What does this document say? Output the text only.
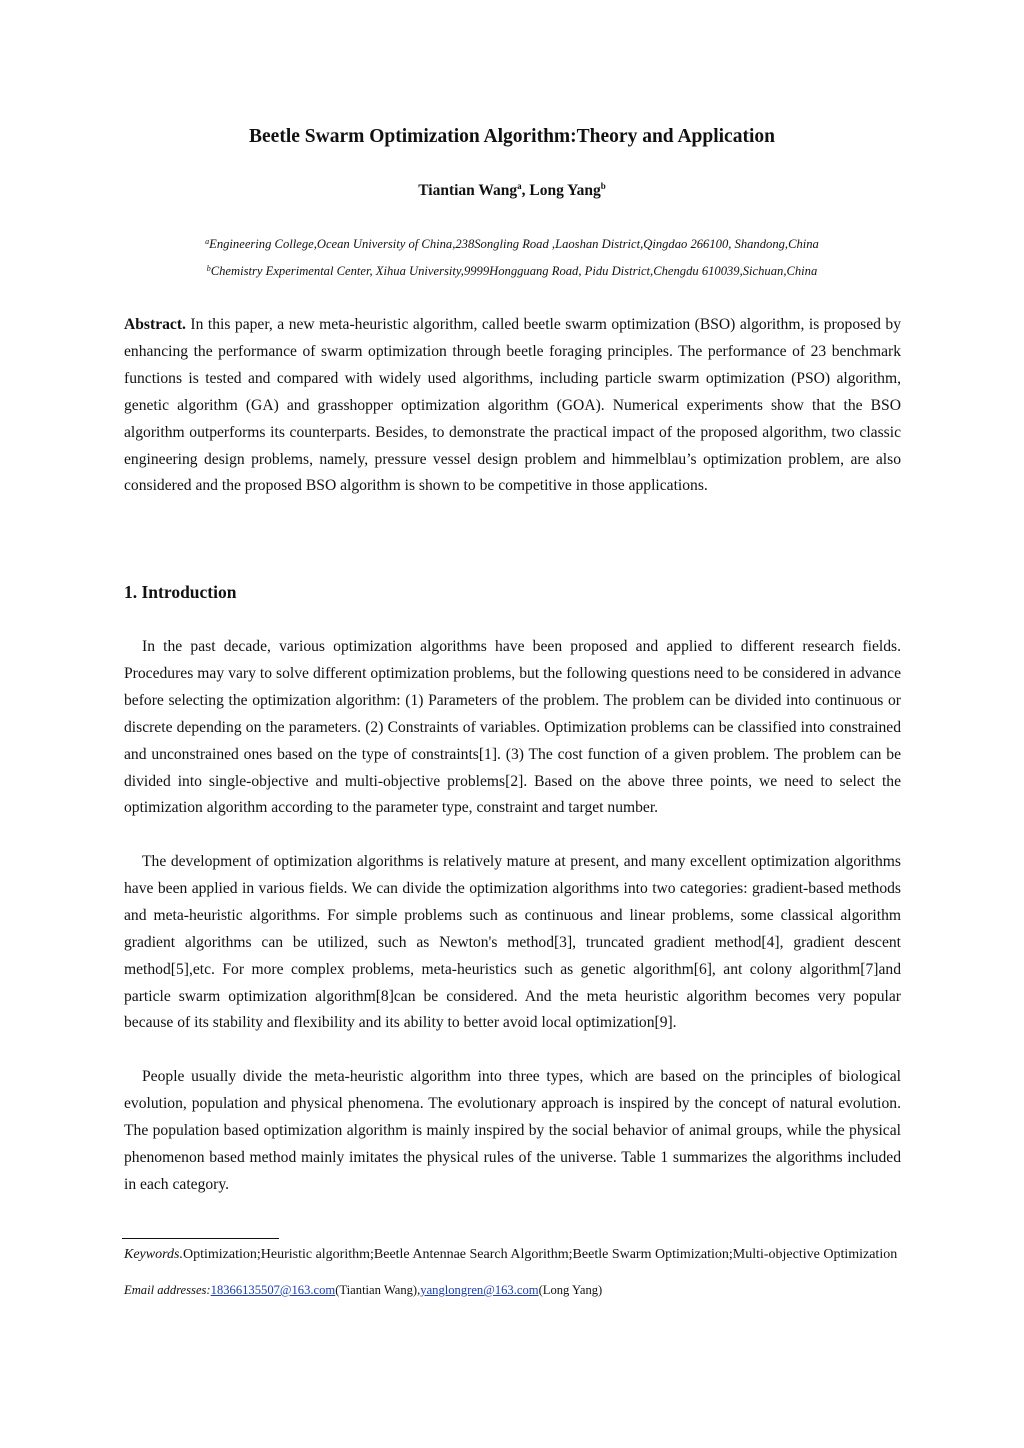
Beetle Swarm Optimization Algorithm:Theory and Application
Tiantian Wang$^a$, Long Yang$^b$
$^a$Engineering College,Ocean University of China,238Songling Road ,Laoshan District,Qingdao 266100, Shandong,China
$^b$Chemistry Experimental Center, Xihua University,9999Hongguang Road, Pidu District,Chengdu 610039,Sichuan,China

Abstract. In this paper, a new meta-heuristic algorithm, called beetle swarm optimization (BSO) algorithm, is proposed by enhancing the performance of swarm optimization through beetle foraging principles. The performance of 23 benchmark functions is tested and compared with widely used algorithms, including particle swarm optimization (PSO) algorithm, genetic algorithm (GA) and grasshopper optimization algorithm (GOA). Numerical experiments show that the BSO algorithm outperforms its counterparts. Besides, to demonstrate the practical impact of the proposed algorithm, two classic engineering design problems, namely, pressure vessel design problem and himmelblau’s optimization problem, are also considered and the proposed BSO algorithm is shown to be competitive in those applications.

1. Introduction

In the past decade, various optimization algorithms have been proposed and applied to different research fields. Procedures may vary to solve different optimization problems, but the following questions need to be considered in advance before selecting the optimization algorithm: (1) Parameters of the problem. The problem can be divided into continuous or discrete depending on the parameters. (2) Constraints of variables. Optimization problems can be classified into constrained and unconstrained ones based on the type of constraints[1]. (3) The cost function of a given problem. The problem can be divided into single-objective and multi-objective problems[2]. Based on the above three points, we need to select the optimization algorithm according to the parameter type, constraint and target number.

The development of optimization algorithms is relatively mature at present, and many excellent optimization algorithms have been applied in various fields. We can divide the optimization algorithms into two categories: gradient-based methods and meta-heuristic algorithms. For simple problems such as continuous and linear problems, some classical algorithm gradient algorithms can be utilized, such as Newton's method[3], truncated gradient method[4], gradient descent method[5],etc. For more complex problems, meta-heuristics such as genetic algorithm[6], ant colony algorithm[7]and particle swarm optimization algorithm[8]can be considered. And the meta heuristic algorithm becomes very popular because of its stability and flexibility and its ability to better avoid local optimization[9].

People usually divide the meta-heuristic algorithm into three types, which are based on the principles of biological evolution, population and physical phenomena. The evolutionary approach is inspired by the concept of natural evolution. The population based optimization algorithm is mainly inspired by the social behavior of animal groups, while the physical phenomenon based method mainly imitates the physical rules of the universe. Table 1 summarizes the algorithms included in each category.

Keywords.Optimization;Heuristic algorithm;Beetle Antennae Search Algorithm;Beetle Swarm Optimization;Multi-objective Optimization
Email addresses:18366135507@163.com(Tiantian Wang),yanglongren@163.com(Long Yang)
